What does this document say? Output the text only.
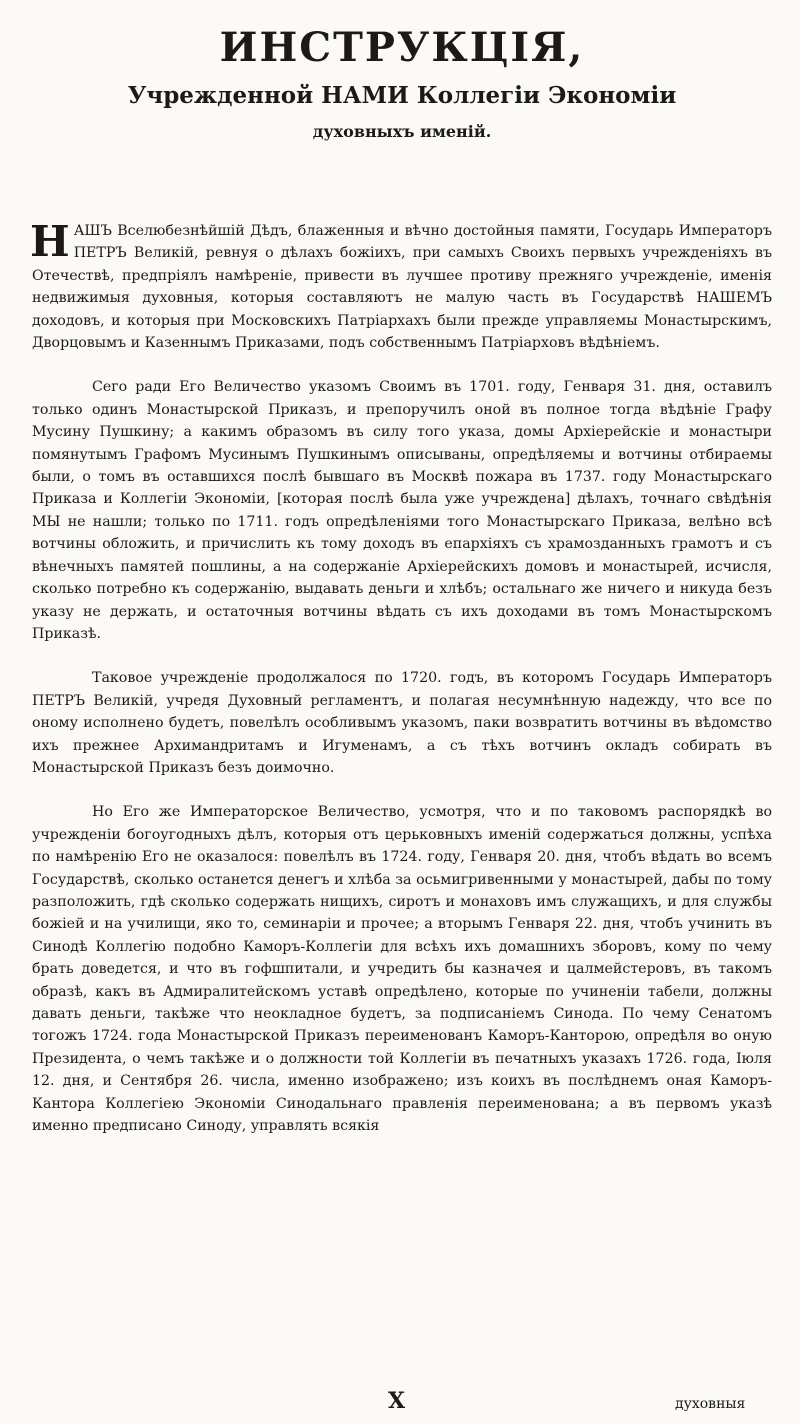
ИНСТРУКЦІЯ,
Учрежденной НАМИ Коллегіи Экономіи
духовныхъ именій.

НАШЪ Вселюбезнѣйшій Дѣдъ, блаженныя и вѣчно достойныя памяти, Государь Императоръ ПЕТРЪ Великій, ревнуя о дѣлахъ божіихъ, при самыхъ Своихъ первыхъ учрежденіяхъ въ Отечествѣ, предпріялъ намѣреніе, привести въ лучшее противу прежняго учрежденіе, именія недвижимыя духовныя, которыя составляютъ не малую часть въ Государствѣ НАШЕМЪ доходовъ, и которыя при Московскихъ Патріархахъ были прежде управляемы Монастырскимъ, Дворцовымъ и Казеннымъ Приказами, подъ собственнымъ Патріарховъ вѣдѣніемъ.

Сего ради Его Величество указомъ Своимъ въ 1701. году, Генваря 31. дня, оставилъ только одинъ Монастырской Приказъ, и препоручилъ оной въ полное тогда вѣдѣніе Графу Мусину Пушкину; а какимъ образомъ въ силу того указа, домы Архіерейскіе и монастыри помянутымъ Графомъ Мусинымъ Пушкинымъ описываны, опредѣляемы и вотчины отбираемы были, о томъ въ оставшихся послѣ бывшаго въ Москвѣ пожара въ 1737. году Монастырскаго Приказа и Коллегіи Экономіи, [которая послѣ была уже учреждена] дѣлахъ, точнаго свѣдѣнія МЫ не нашли; только по 1711. годъ опредѣленіями того Монастырскаго Приказа, велѣно всѣ вотчины обложить, и причислить къ тому доходъ въ епархіяхъ съ храмозданныхъ грамотъ и съ вѣнечныхъ памятей пошлины, а на содержаніе Архіерейскихъ домовъ и монастырей, исчисля, сколько потребно къ содержанію, выдавать деньги и хлѣбъ; остальнаго же ничего и никуда безъ указу не держать, и остаточныя вотчины вѣдать съ ихъ доходами въ томъ Монастырскомъ Приказѣ.

Таковое учрежденіе продолжалося по 1720. годъ, въ которомъ Государь Императоръ ПЕТРЪ Великій, учредя Духовный регламентъ, и полагая несумнѣнную надежду, что все по оному исполнено будетъ, повелѣлъ особливымъ указомъ, паки возвратить вотчины въ вѣдомство ихъ прежнее Архимандритамъ и Игуменамъ, а съ тѣхъ вотчинъ окладъ собирать въ Монастырской Приказъ безъ доимочно.

Но Его же Императорское Величество, усмотря, что и по таковомъ распорядкѣ во учрежденіи богоугодныхъ дѣлъ, которыя отъ церьковныхъ именій содержаться должны, успѣха по намѣренію Его не оказалося: повелѣлъ въ 1724. году, Генваря 20. дня, чтобъ вѣдать во всемъ Государствѣ, сколько останется денегъ и хлѣба за осьмигривенными у монастырей, дабы по тому разположить, гдѣ сколько содержать нищихъ, сиротъ и монаховъ имъ служащихъ, и для службы божіей и на училищи, яко то, семинаріи и прочее; а вторымъ Генваря 22. дня, чтобъ учинить въ Синодѣ Коллегію подобно Каморъ-Коллегіи для всѣхъ ихъ домашнихъ зборовъ, кому по чему брать доведется, и что въ гофшпитали, и учредить бы казначея и цалмейстеровъ, въ такомъ образѣ, какъ въ Адмиралитейскомъ уставѣ опредѣлено, которые по учиненіи табели, должны давать деньги, такѣже что неокладное будетъ, за подписаніемъ Синода. По чему Сенатомъ тогожъ 1724. года Монастырской Приказъ переименованъ Каморъ-Канторою, опредѣля во оную Президента, о чемъ такѣже и о должности той Коллегіи въ печатныхъ указахъ 1726. года, Іюля 12. дня, и Сентября 26. числа, именно изображено; изъ коихъ въ послѣднемъ оная Каморъ-Кантора Коллегіею Экономіи Синодальнаго правленія переименована; а въ первомъ указѣ именно предписано Синоду, управлять всякія

X	духовныя
